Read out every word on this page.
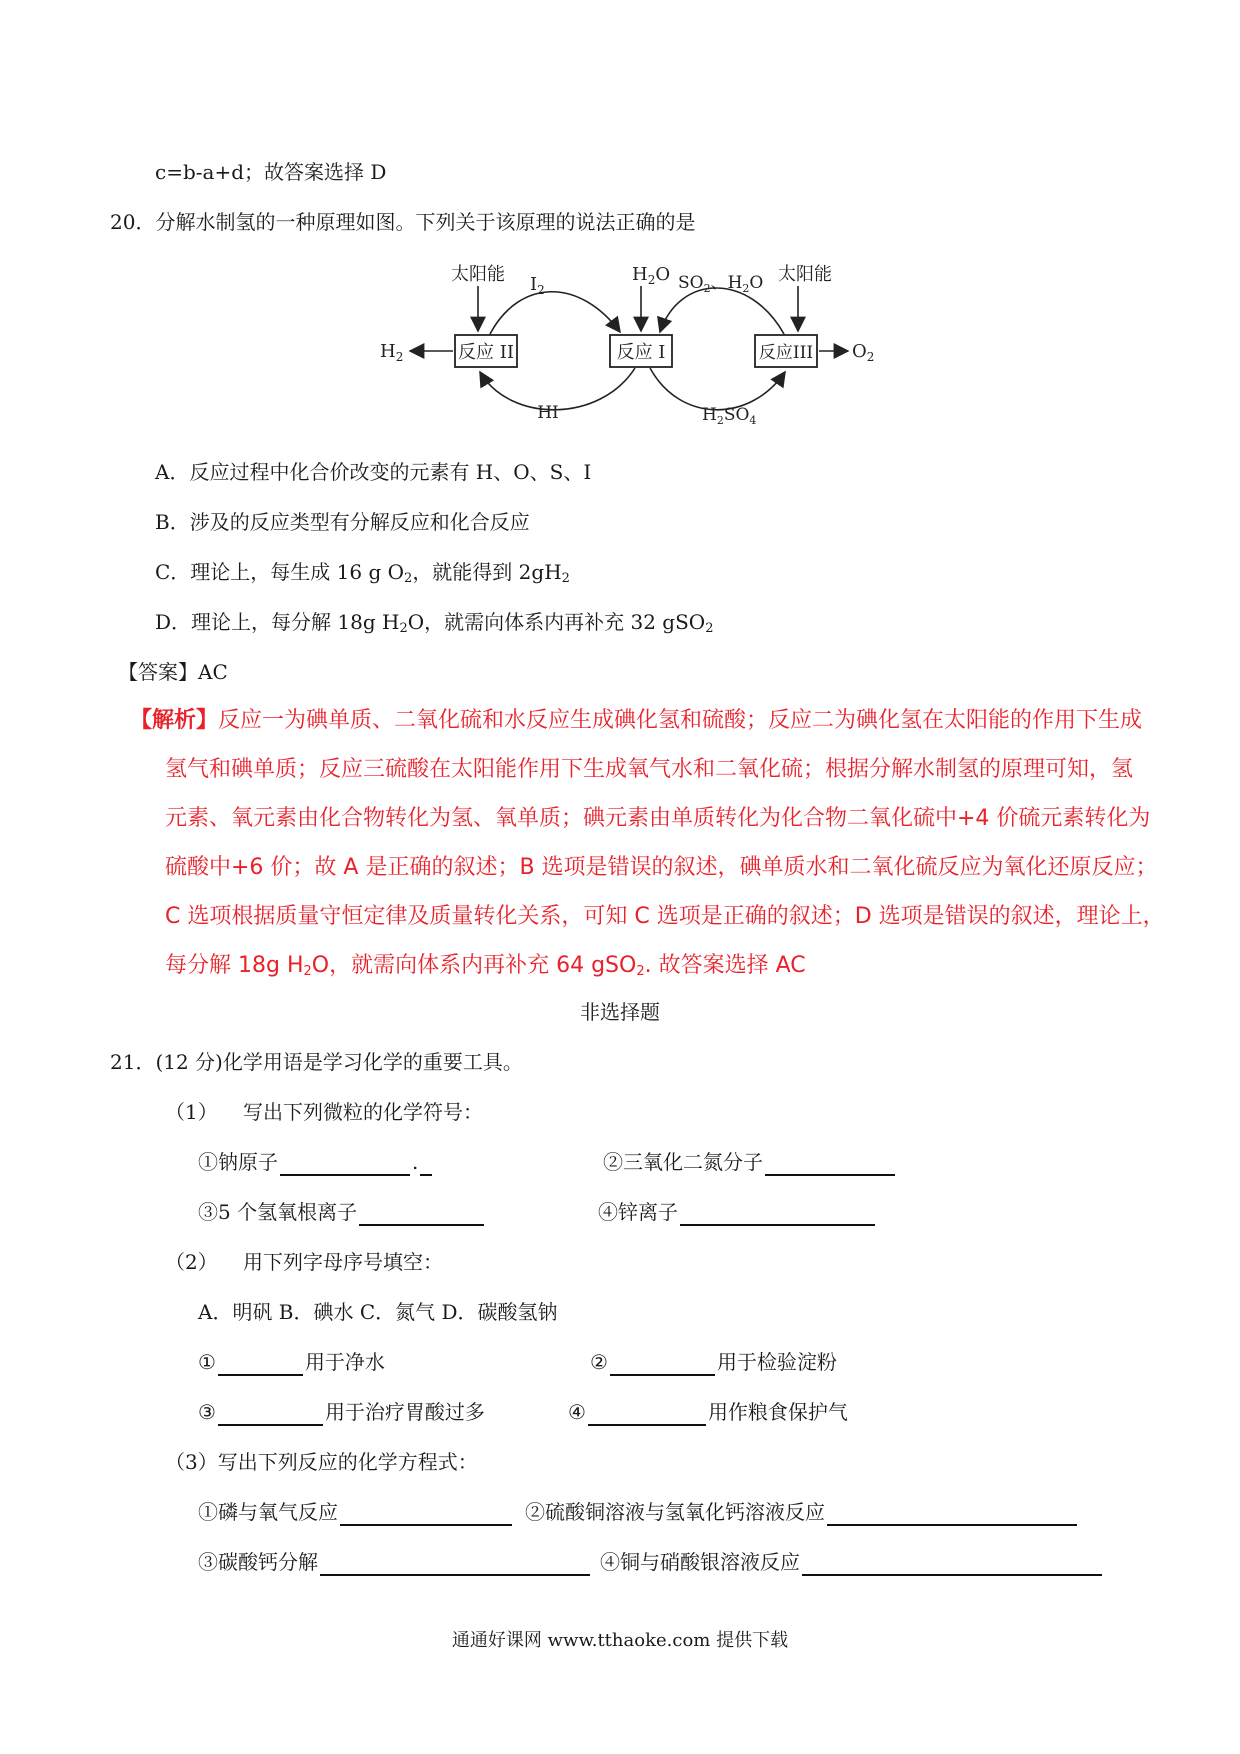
c=b-a+d；故答案选择 D
20．分解水制氢的一种原理如图。下列关于该原理的说法正确的是
反应 II	反应 I	反应III
太阳能	太阳能
$H_2O$ $SO_2$、$H_2O$
$I_2$
$H_2$	$O_2$
HI	$H_2SO_4$
A．反应过程中化合价改变的元素有 H、O、S、I
B．涉及的反应类型有分解反应和化合反应
C．理论上，每生成 16 g $O_2$，就能得到 $2gH_2$
D．理论上，每分解 18g $H_2O$，就需向体系内再补充 32 gSO$_2$
【答案】AC
【解析】反应一为碘单质、二氧化硫和水反应生成碘化氢和硫酸；反应二为碘化氢在太阳能的作用下生成
氢气和碘单质；反应三硫酸在太阳能作用下生成氧气水和二氧化硫；根据分解水制氢的原理可知，氢
元素、氧元素由化合物转化为氢、氧单质；碘元素由单质转化为化合物二氧化硫中+4 价硫元素转化为
硫酸中+6 价；故 A 是正确的叙述；B 选项是错误的叙述，碘单质水和二氧化硫反应为氧化还原反应；
C 选项根据质量守恒定律及质量转化关系，可知 C 选项是正确的叙述；D 选项是错误的叙述，理论上，
每分解 18g $H_2O$，就需向体系内再补充 64 gSO$_2$. 故答案选择 AC
非选择题
21．(12 分)化学用语是学习化学的重要工具。
（1） 写出下列微粒的化学符号：
①钠原子	.	②三氧化二氮分子
③5 个氢氧根离子	④锌离子
（2） 用下列字母序号填空：
A．明矾 B．碘水 C．氮气 D．碳酸氢钠
①	用于净水	②	用于检验淀粉
③	用于治疗胃酸过多	④	用作粮食保护气
（3）写出下列反应的化学方程式：
①磷与氧气反应	②硫酸铜溶液与氢氧化钙溶液反应
③碳酸钙分解	④铜与硝酸银溶液反应
通通好课网 www.tthaoke.com 提供下载
